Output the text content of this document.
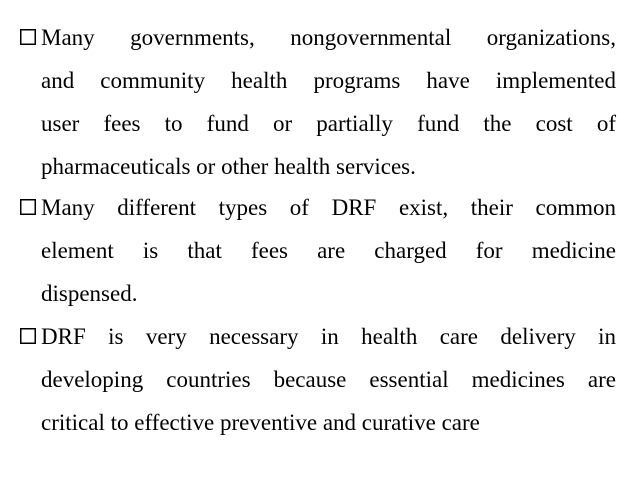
Many governments, nongovernmental organizations,
and community health programs have implemented
user fees to fund or partially fund the cost of
pharmaceuticals or other health services.
Many different types of DRF exist, their common
element is that fees are charged for medicine
dispensed.
DRF is very necessary in health care delivery in
developing countries because essential medicines are
critical to effective preventive and curative care
